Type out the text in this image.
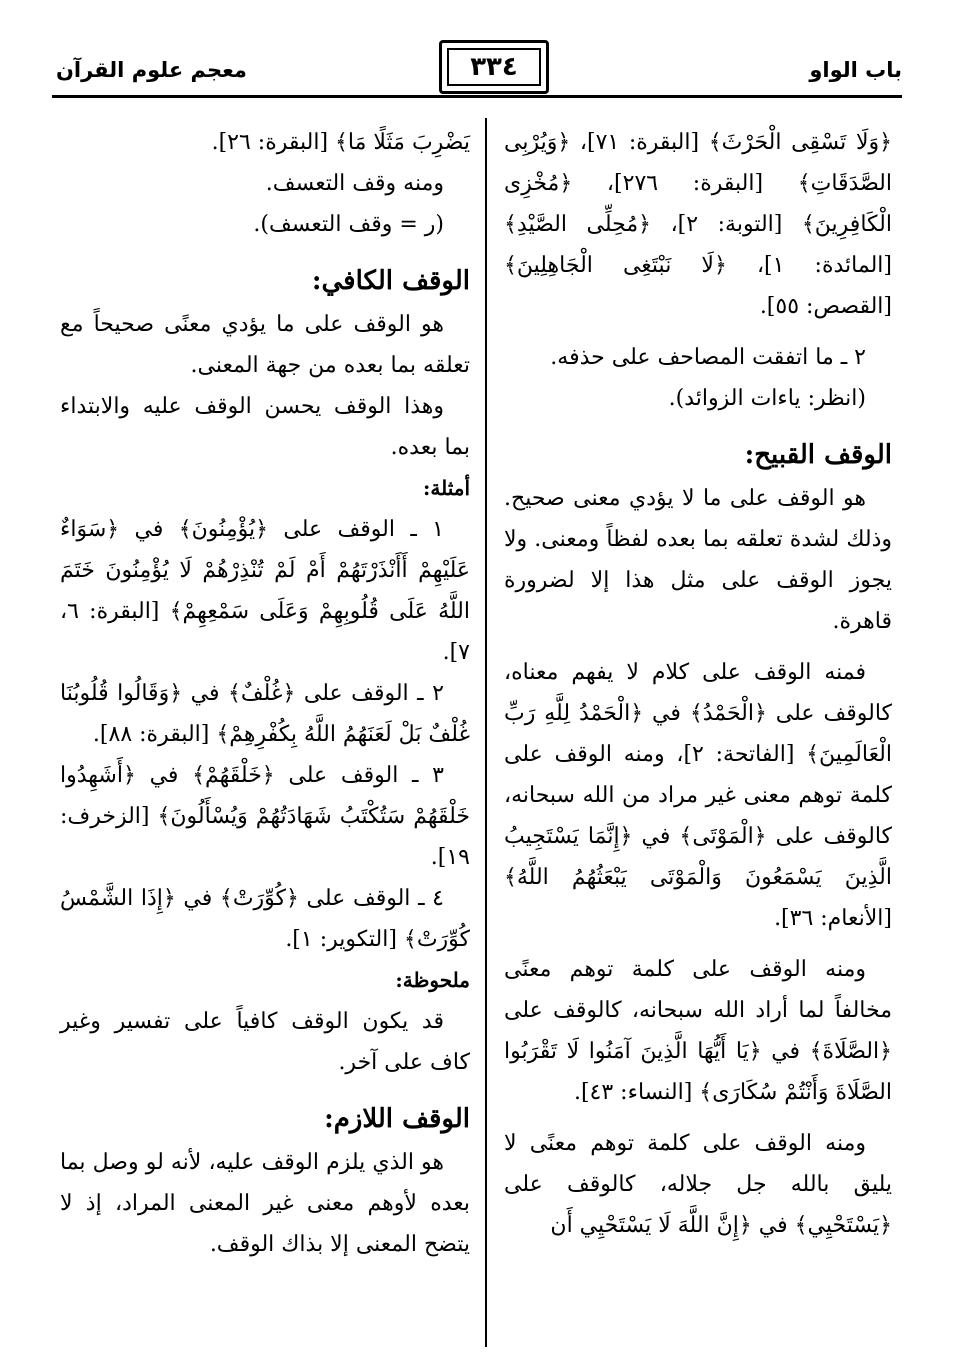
باب الواو
٣٣٤
معجم علوم القرآن

﴿وَلَا تَسْقِى الْحَرْثَ﴾ [البقرة: ٧١]، ﴿وَيُرْبِى الصَّدَقَاتِ﴾ [البقرة: ٢٧٦]، ﴿مُخْزِى الْكَافِرِينَ﴾ [التوبة: ٢]، ﴿مُحِلِّى الصَّيْدِ﴾ [المائدة: ١]، ﴿لَا نَبْتَغِى الْجَاهِلِينَ﴾ [القصص: ٥٥].

٢ ـ ما اتفقت المصاحف على حذفه.

(انظر: ياءات الزوائد).

الوقف القبيح:

هو الوقف على ما لا يؤدي معنى صحيح. وذلك لشدة تعلقه بما بعده لفظاً ومعنى. ولا يجوز الوقف على مثل هذا إلا لضرورة قاهرة.

فمنه الوقف على كلام لا يفهم معناه، كالوقف على ﴿الْحَمْدُ﴾ في ﴿الْحَمْدُ لِلَّهِ رَبِّ الْعَالَمِينَ﴾ [الفاتحة: ٢]، ومنه الوقف على كلمة توهم معنى غير مراد من الله سبحانه، كالوقف على ﴿الْمَوْتَى﴾ في ﴿إِنَّمَا يَسْتَجِيبُ الَّذِينَ يَسْمَعُونَ وَالْمَوْتَى يَبْعَثُهُمُ اللَّهُ﴾ [الأنعام: ٣٦].

ومنه الوقف على كلمة توهم معنًى مخالفاً لما أراد الله سبحانه، كالوقف على ﴿الصَّلَاةَ﴾ في ﴿يَا أَيُّهَا الَّذِينَ آمَنُوا لَا تَقْرَبُوا الصَّلَاةَ وَأَنْتُمْ سُكَارَى﴾ [النساء: ٤٣].

ومنه الوقف على كلمة توهم معنًى لا يليق بالله جل جلاله، كالوقف على ﴿يَسْتَحْيِي﴾ في ﴿إِنَّ اللَّهَ لَا يَسْتَحْيِي أَن

يَضْرِبَ مَثَلًا مَا﴾ [البقرة: ٢٦].

ومنه وقف التعسف.

(ر = وقف التعسف).

الوقف الكافي:

هو الوقف على ما يؤدي معنًى صحيحاً مع تعلقه بما بعده من جهة المعنى.

وهذا الوقف يحسن الوقف عليه والابتداء بما بعده.

أمثلة:

١ ـ الوقف على ﴿يُؤْمِنُونَ﴾ في ﴿سَوَاءٌ عَلَيْهِمْ أَأَنْذَرْتَهُمْ أَمْ لَمْ تُنْذِرْهُمْ لَا يُؤْمِنُونَ خَتَمَ اللَّهُ عَلَى قُلُوبِهِمْ وَعَلَى سَمْعِهِمْ﴾ [البقرة: ٦، ٧].

٢ ـ الوقف على ﴿غُلْفٌ﴾ في ﴿وَقَالُوا قُلُوبُنَا غُلْفٌ بَلْ لَعَنَهُمُ اللَّهُ بِكُفْرِهِمْ﴾ [البقرة: ٨٨].

٣ ـ الوقف على ﴿خَلْقَهُمْ﴾ في ﴿أَشَهِدُوا خَلْقَهُمْ سَتُكْتَبُ شَهَادَتُهُمْ وَيُسْأَلُونَ﴾ [الزخرف: ١٩].

٤ ـ الوقف على ﴿كُوِّرَتْ﴾ في ﴿إِذَا الشَّمْسُ كُوِّرَتْ﴾ [التكوير: ١].

ملحوظة:

قد يكون الوقف كافياً على تفسير وغير كاف على آخر.

الوقف اللازم:

هو الذي يلزم الوقف عليه، لأنه لو وصل بما بعده لأوهم معنى غير المعنى المراد، إذ لا يتضح المعنى إلا بذاك الوقف.
